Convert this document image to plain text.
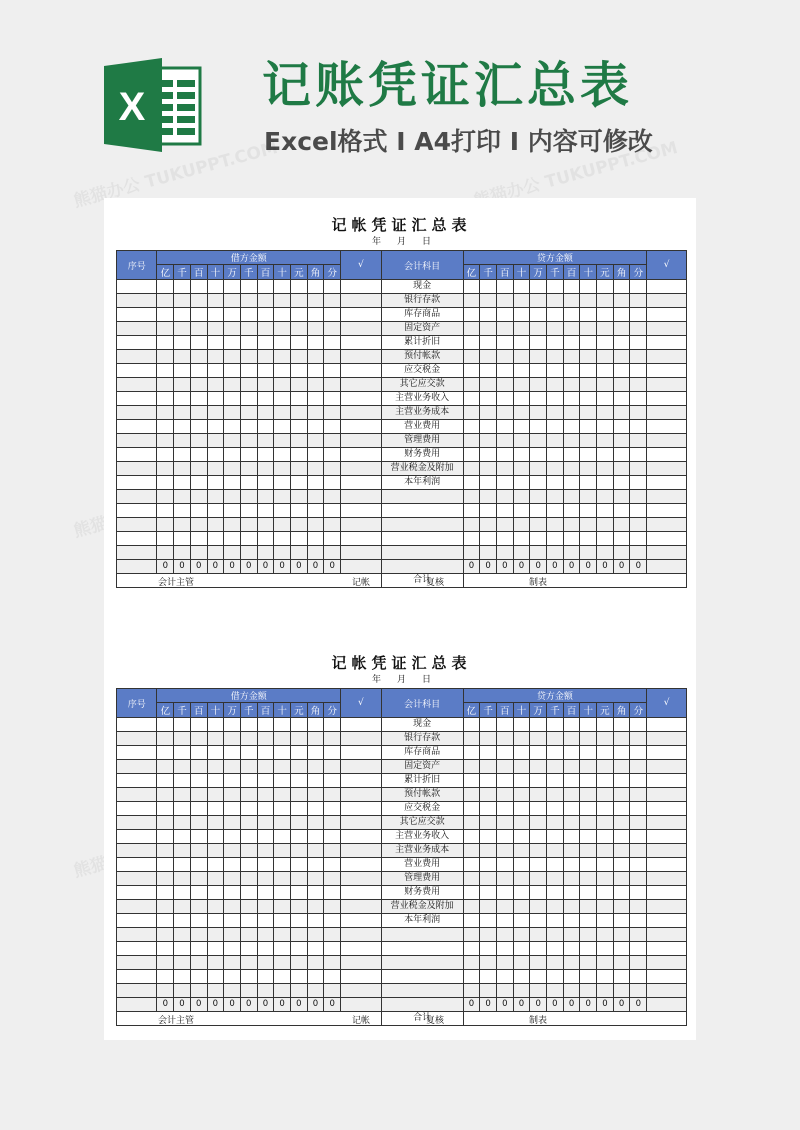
X 记账凭证汇总表
Excel格式 I A4打印 I 内容可修改
熊猫办公 TUKUPPT.COM	熊猫办公 TUKUPPT.COM
记帐凭证汇总表
年 月 日
序号	借方金额											√	会计科目	贷方金额											√
	亿	千	百	十	万	千	百	十	元	角	分			亿	千	百	十	万	千	百	十	元	角	分	
													现金												
													银行存款												
													库存商品												
													固定资产												
													累计折旧												
													预付帐款												
													应交税金												
													其它应交款												
													主营业务收入												
													主营业务成本												
													营业费用												
													管理费用												
													财务费用												
													营业税金及附加												
													本年利润												

	0	0	0	0	0	0	0	0	0	0	0			0	0	0	0	0	0	0	0	0	0	0	
													合计												
会计主管	记帐	复核	制表
记帐凭证汇总表
年 月 日
序号	借方金额											√	会计科目	贷方金额											√
	亿	千	百	十	万	千	百	十	元	角	分			亿	千	百	十	万	千	百	十	元	角	分	
													现金												
													银行存款												
													库存商品												
													固定资产												
													累计折旧												
													预付帐款												
													应交税金												
													其它应交款												
													主营业务收入												
													主营业务成本												
													营业费用												
													管理费用												
													财务费用												
													营业税金及附加												
													本年利润												

	0	0	0	0	0	0	0	0	0	0	0			0	0	0	0	0	0	0	0	0	0	0	
													合计												
会计主管	记帐	复核	制表
